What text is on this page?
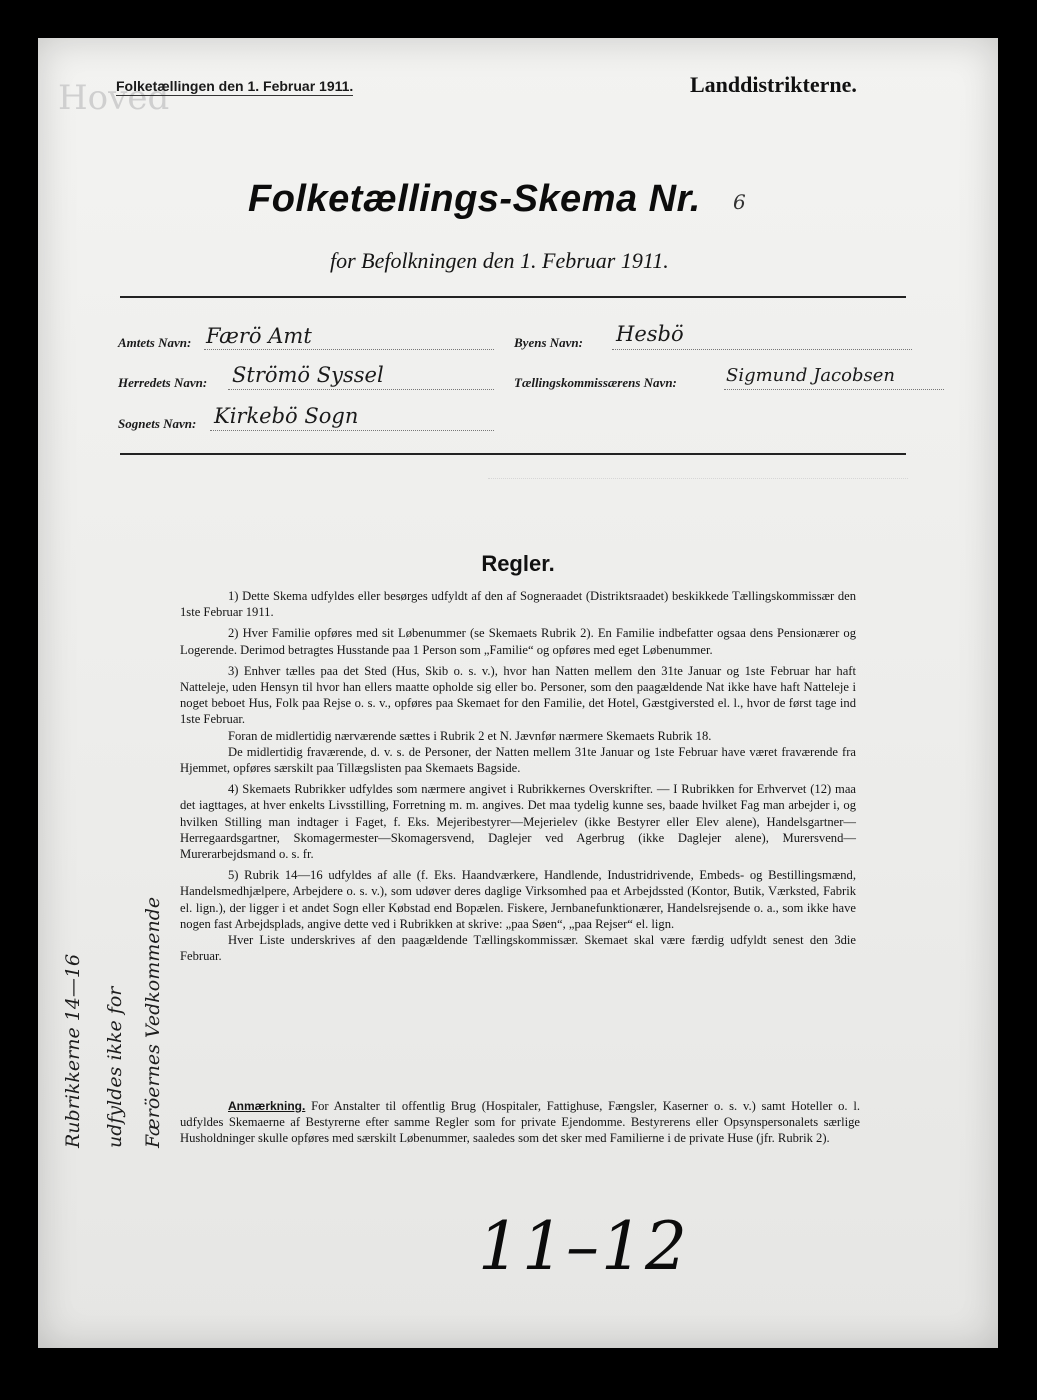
Hoved
Folketællingen den 1. Februar 1911.	Landdistrikterne.
Folketællings-Skema Nr. 6
for Befolkningen den 1. Februar 1911.
Amtets Navn: Færö Amt
Herredets Navn: Strömö Syssel
Sognets Navn: Kirkebö Sogn
Byens Navn: Hesbö
Tællingskommissærens Navn:	Sigmund Jacobsen
Regler.

1) Dette Skema udfyldes eller besørges udfyldt af den af Sogneraadet (Distriktsraadet) beskikkede Tællingskommissær den 1ste Februar 1911.

2) Hver Familie opføres med sit Løbenummer (se Skemaets Rubrik 2). En Familie indbefatter ogsaa dens Pensionærer og Logerende. Derimod betragtes Husstande paa 1 Person som „Familie“ og opføres med eget Løbenummer.

3) Enhver tælles paa det Sted (Hus, Skib o. s. v.), hvor han Natten mellem den 31te Januar og 1ste Februar har haft Natteleje, uden Hensyn til hvor han ellers maatte opholde sig eller bo. Personer, som den paagældende Nat ikke have haft Natteleje i noget beboet Hus, Folk paa Rejse o. s. v., opføres paa Skemaet for den Familie, det Hotel, Gæstgiversted el. l., hvor de først tage ind 1ste Februar.

Foran de midlertidig nærværende sættes i Rubrik 2 et N. Jævnfør nærmere Skemaets Rubrik 18.

De midlertidig fraværende, d. v. s. de Personer, der Natten mellem 31te Januar og 1ste Februar have været fraværende fra Hjemmet, opføres særskilt paa Tillægslisten paa Skemaets Bagside.

4) Skemaets Rubrikker udfyldes som nærmere angivet i Rubrikkernes Overskrifter. — I Rubrikken for Erhvervet (12) maa det iagttages, at hver enkelts Livsstilling, Forretning m. m. angives. Det maa tydelig kunne ses, baade hvilket Fag man arbejder i, og hvilken Stilling man indtager i Faget, f. Eks. Mejeribestyrer—Mejerielev (ikke Bestyrer eller Elev alene), Handelsgartner—Herregaardsgartner, Skomagermester—Skomagersvend, Daglejer ved Agerbrug (ikke Daglejer alene), Murersvend—Murerarbejdsmand o. s. fr.

5) Rubrik 14—16 udfyldes af alle (f. Eks. Haandværkere, Handlende, Industridrivende, Embeds- og Bestillingsmænd, Handelsmedhjælpere, Arbejdere o. s. v.), som udøver deres daglige Virksomhed paa et Arbejdssted (Kontor, Butik, Værksted, Fabrik el. lign.), der ligger i et andet Sogn eller Købstad end Bopælen. Fiskere, Jernbanefunktionærer, Handelsrejsende o. a., som ikke have nogen fast Arbejdsplads, angive dette ved i Rubrikken at skrive: „paa Søen“, „paa Rejser“ el. lign.

Hver Liste underskrives af den paagældende Tællingskommissær. Skemaet skal være færdig udfyldt senest den 3die Februar.

Anmærkning. For Anstalter til offentlig Brug (Hospitaler, Fattighuse, Fængsler, Kaserner o. s. v.) samt Hoteller o. l. udfyldes Skemaerne af Bestyrerne efter samme Regler som for private Ejendomme. Bestyrerens eller Opsynspersonalets særlige Husholdninger skulle opføres med særskilt Løbenummer, saaledes som det sker med Familierne i de private Huse (jfr. Rubrik 2).
Rubrikkerne 14—16 udfyldes ikke for Færöernes Vedkommende
11–12
